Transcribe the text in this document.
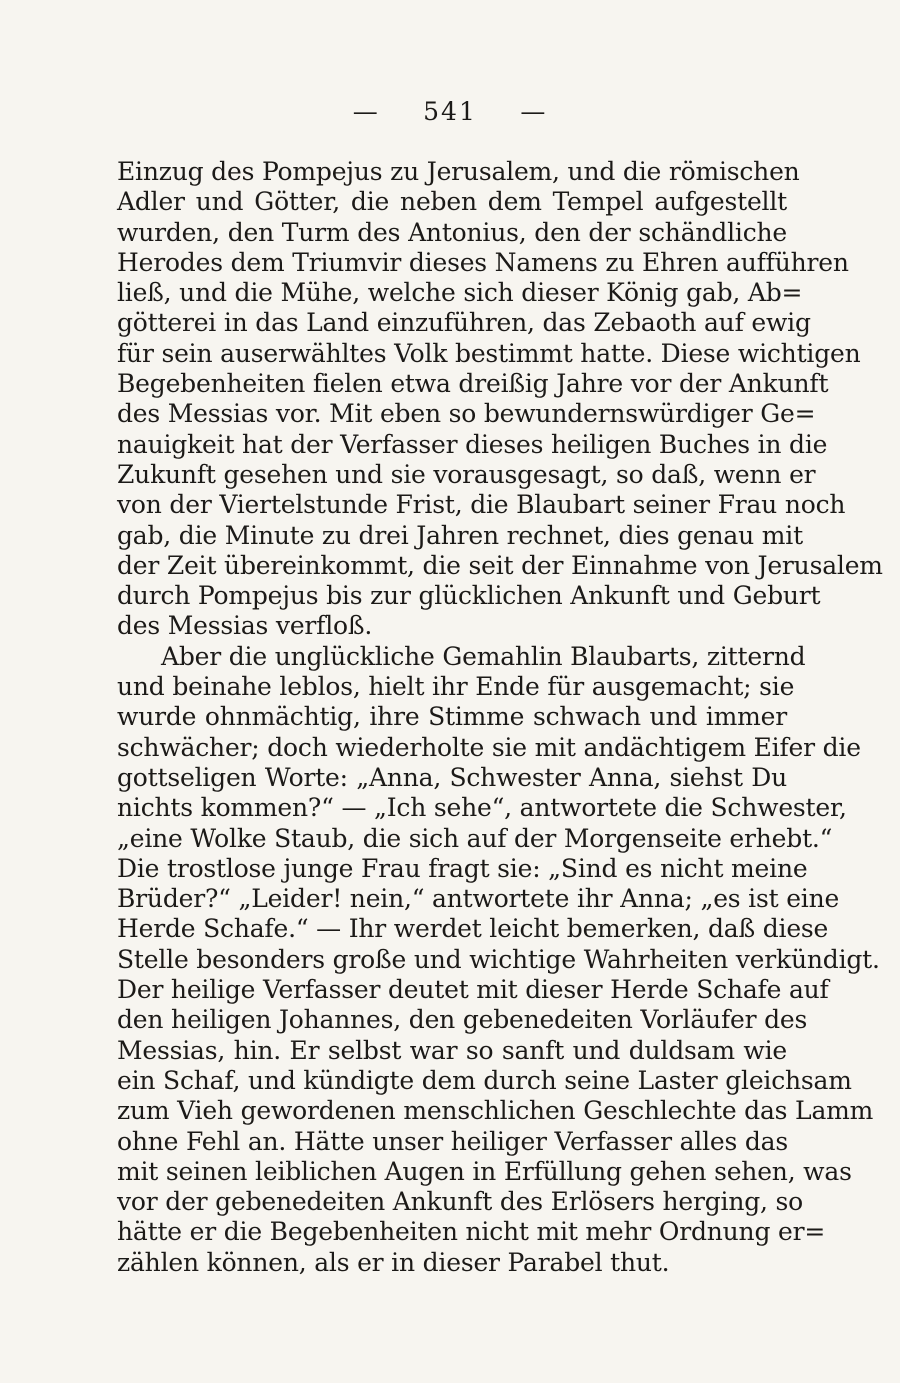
— 541 —
Einzug des Pompejus zu Jerusalem, und die römischen
Adler und Götter, die neben dem Tempel aufgestellt
wurden, den Turm des Antonius, den der schändliche
Herodes dem Triumvir dieses Namens zu Ehren aufführen
ließ, und die Mühe, welche sich dieser König gab, Ab=
götterei in das Land einzuführen, das Zebaoth auf ewig
für sein auserwähltes Volk bestimmt hatte. Diese wichtigen
Begebenheiten fielen etwa dreißig Jahre vor der Ankunft
des Messias vor. Mit eben so bewundernswürdiger Ge=
nauigkeit hat der Verfasser dieses heiligen Buches in die
Zukunft gesehen und sie vorausgesagt, so daß, wenn er
von der Viertelstunde Frist, die Blaubart seiner Frau noch
gab, die Minute zu drei Jahren rechnet, dies genau mit
der Zeit übereinkommt, die seit der Einnahme von Jerusalem
durch Pompejus bis zur glücklichen Ankunft und Geburt
des Messias verfloß.
Aber die unglückliche Gemahlin Blaubarts, zitternd
und beinahe leblos, hielt ihr Ende für ausgemacht; sie
wurde ohnmächtig, ihre Stimme schwach und immer
schwächer; doch wiederholte sie mit andächtigem Eifer die
gottseligen Worte: „Anna, Schwester Anna, siehst Du
nichts kommen?“ — „Ich sehe“, antwortete die Schwester,
„eine Wolke Staub, die sich auf der Morgenseite erhebt.“
Die trostlose junge Frau fragt sie: „Sind es nicht meine
Brüder?“ „Leider! nein,“ antwortete ihr Anna; „es ist eine
Herde Schafe.“ — Ihr werdet leicht bemerken, daß diese
Stelle besonders große und wichtige Wahrheiten verkündigt.
Der heilige Verfasser deutet mit dieser Herde Schafe auf
den heiligen Johannes, den gebenedeiten Vorläufer des
Messias, hin. Er selbst war so sanft und duldsam wie
ein Schaf, und kündigte dem durch seine Laster gleichsam
zum Vieh gewordenen menschlichen Geschlechte das Lamm
ohne Fehl an. Hätte unser heiliger Verfasser alles das
mit seinen leiblichen Augen in Erfüllung gehen sehen, was
vor der gebenedeiten Ankunft des Erlösers herging, so
hätte er die Begebenheiten nicht mit mehr Ordnung er=
zählen können, als er in dieser Parabel thut.
